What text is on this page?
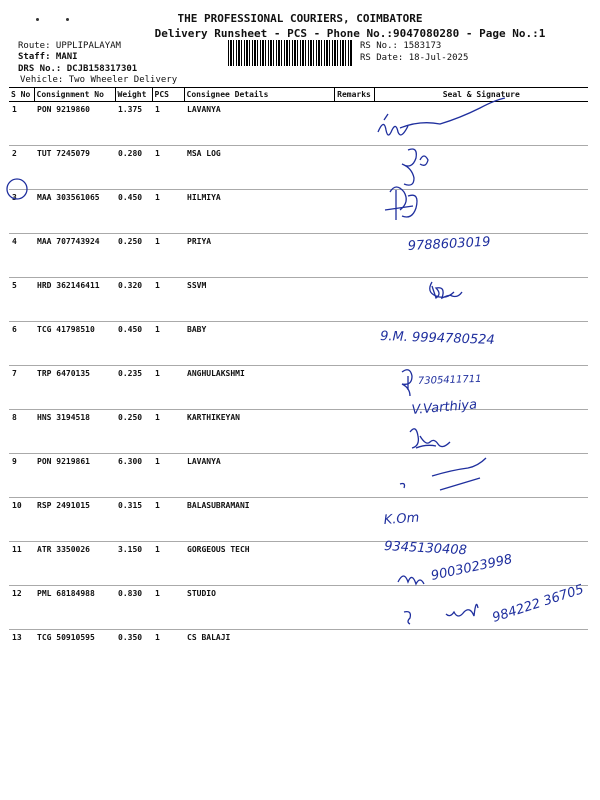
THE PROFESSIONAL COURIERS, COIMBATORE
Delivery Runsheet - PCS - Phone No.:9047080280 - Page No.:1
Route: UPPLIPALAYAM
Staff: MANI
DRS No.: DCJB158317301
Vehicle: Two Wheeler Delivery
RS No.: 1583173
RS Date: 18-Jul-2025
S No	Consignment No	Weight	PCS	Consignee Details	Remarks	Seal & Signature
1	PON 9219860	1.375	1	LAVANYA		
2	TUT 7245079	0.280	1	MSA LOG		
3	MAA 303561065	0.450	1	HILMIYA		
4	MAA 707743924	0.250	1	PRIYA		
5	HRD 362146411	0.320	1	SSVM		
6	TCG 41798510	0.450	1	BABY		
7	TRP 6470135	0.235	1	ANGHULAKSHMI		
8	HNS 3194518	0.250	1	KARTHIKEYAN		
9	PON 9219861	6.300	1	LAVANYA		
10	RSP 2491015	0.315	1	BALASUBRAMANI		
11	ATR 3350026	3.150	1	GORGEOUS TECH		
12	PML 68184988	0.830	1	STUDIO		
13	TCG 50910595	0.350	1	CS BALAJI		
9788603019
9.M. 9994780524
7305411711
V.Varthiya
K.Om
9345130408
9003023998
984222 36705
